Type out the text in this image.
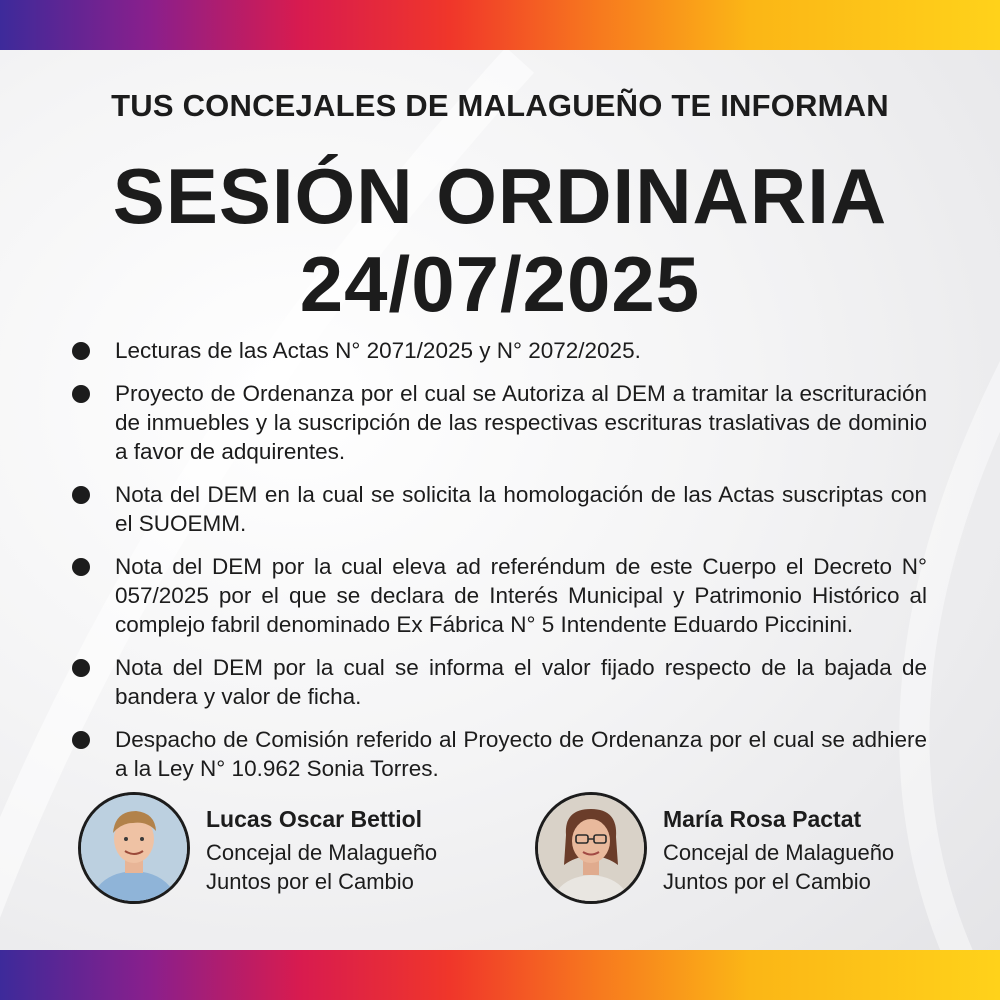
TUS CONCEJALES DE MALAGUEÑO TE INFORMAN
SESIÓN ORDINARIA
24/07/2025
Lecturas de las Actas N° 2071/2025 y N° 2072/2025.
Proyecto de Ordenanza por el cual se Autoriza al DEM a tramitar la escrituración de inmuebles y la suscripción de las respectivas escrituras traslativas de dominio a favor de adquirentes.
Nota del DEM en la cual se solicita la homologación de las Actas suscriptas con el SUOEMM.
Nota del DEM por la cual eleva ad referéndum de este Cuerpo el Decreto N° 057/2025 por el que se declara de Interés Municipal y Patrimonio Histórico al complejo fabril denominado Ex Fábrica N° 5 Intendente Eduardo Piccinini.
Nota del DEM por la cual se informa el valor fijado respecto de la bajada de bandera y valor de ficha.
Despacho de Comisión referido al Proyecto de Ordenanza por el cual se adhiere a la Ley N° 10.962 Sonia Torres.
Lucas Oscar Bettiol
Concejal de Malagueño
Juntos por el Cambio
María Rosa Pactat
Concejal de Malagueño
Juntos por el Cambio
